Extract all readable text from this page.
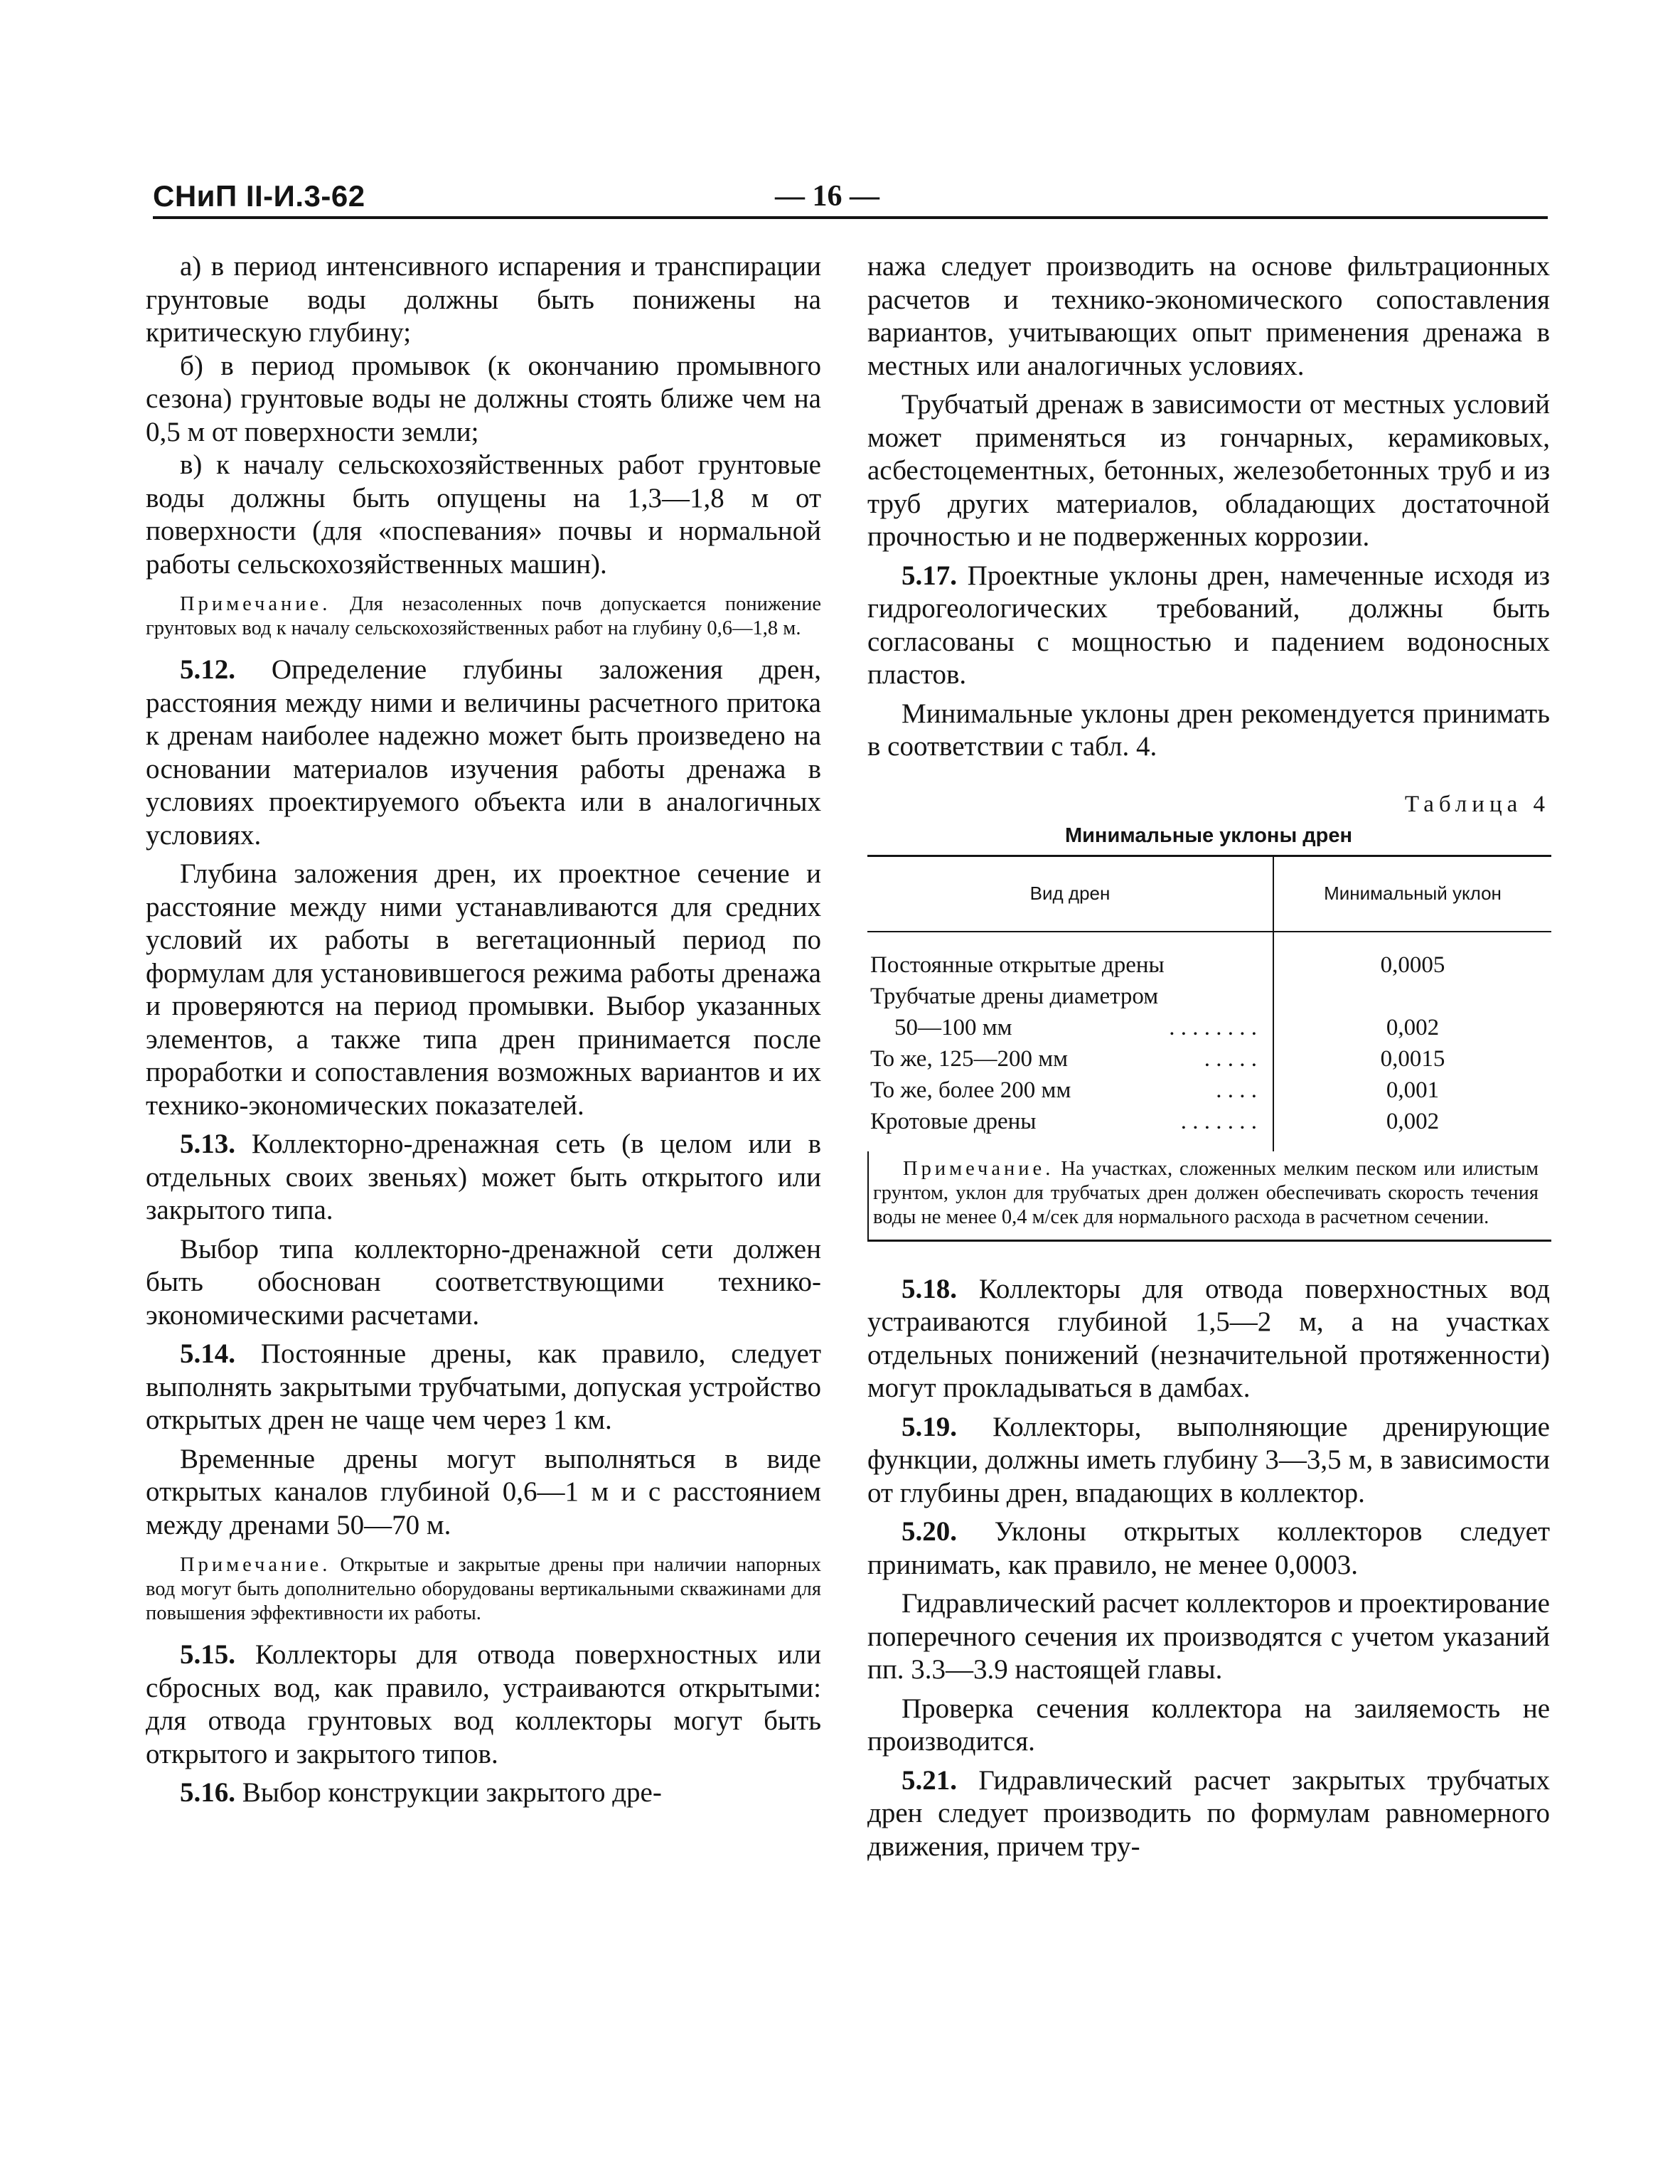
СНиП II-И.3-62	— 16 —

а) в период интенсивного испарения и транспирации грунтовые воды должны быть понижены на критическую глубину;

б) в период промывок (к окончанию промывного сезона) грунтовые воды не должны стоять ближе чем на 0,5 м от поверхности земли;

в) к началу сельскохозяйственных работ грунтовые воды должны быть опущены на 1,3—1,8 м от поверхности (для «поспевания» почвы и нормальной работы сельскохозяйственных машин).

Примечание. Для незасоленных почв допускается понижение грунтовых вод к началу сельскохозяйственных работ на глубину 0,6—1,8 м.

5.12. Определение глубины заложения дрен, расстояния между ними и величины расчетного притока к дренам наиболее надежно может быть произведено на основании материалов изучения работы дренажа в условиях проектируемого объекта или в аналогичных условиях.

Глубина заложения дрен, их проектное сечение и расстояние между ними устанавливаются для средних условий их работы в вегетационный период по формулам для установившегося режима работы дренажа и проверяются на период промывки. Выбор указанных элементов, а также типа дрен принимается после проработки и сопоставления возможных вариантов и их технико-экономических показателей.

5.13. Коллекторно-дренажная сеть (в целом или в отдельных своих звеньях) может быть открытого или закрытого типа.

Выбор типа коллекторно-дренажной сети должен быть обоснован соответствующими технико-экономическими расчетами.

5.14. Постоянные дрены, как правило, следует выполнять закрытыми трубчатыми, допуская устройство открытых дрен не чаще чем через 1 км.

Временные дрены могут выполняться в виде открытых каналов глубиной 0,6—1 м и с расстоянием между дренами 50—70 м.

Примечание. Открытые и закрытые дрены при наличии напорных вод могут быть дополнительно оборудованы вертикальными скважинами для повышения эффективности их работы.

5.15. Коллекторы для отвода поверхностных или сбросных вод, как правило, устраиваются открытыми: для отвода грунтовых вод коллекторы могут быть открытого и закрытого типов.

5.16. Выбор конструкции закрытого дре-

нажа следует производить на основе фильтрационных расчетов и технико-экономического сопоставления вариантов, учитывающих опыт применения дренажа в местных или аналогичных условиях.

Трубчатый дренаж в зависимости от местных условий может применяться из гончарных, керамиковых, асбестоцементных, бетонных, железобетонных труб и из труб других материалов, обладающих достаточной прочностью и не подверженных коррозии.

5.17. Проектные уклоны дрен, намеченные исходя из гидрогеологических требований, должны быть согласованы с мощностью и падением водоносных пластов.

Минимальные уклоны дрен рекомендуется принимать в соответствии с табл. 4.

Таблица 4
Минимальные уклоны дрен
Вид дрен	Минимальный уклон

Постоянные открытые дрены	0,0005

Трубчатые дрены диаметром	

50—100 мм . . . . . . . .	0,002

То же, 125—200 мм . . . . .	0,0015

То же, более 200 мм . . . .	0,001

Кротовые дрены . . . . . . .	0,002
Примечание. На участках, сложенных мелким песком или илистым грунтом, уклон для трубчатых дрен должен обеспечивать скорость течения воды не менее 0,4 м/сек для нормального расхода в расчетном сечении.

5.18. Коллекторы для отвода поверхностных вод устраиваются глубиной 1,5—2 м, а на участках отдельных понижений (незначительной протяженности) могут прокладываться в дамбах.

5.19. Коллекторы, выполняющие дренирующие функции, должны иметь глубину 3—3,5 м, в зависимости от глубины дрен, впадающих в коллектор.

5.20. Уклоны открытых коллекторов следует принимать, как правило, не менее 0,0003.

Гидравлический расчет коллекторов и проектирование поперечного сечения их производятся с учетом указаний пп. 3.3—3.9 настоящей главы.

Проверка сечения коллектора на заиляемость не производится.

5.21. Гидравлический расчет закрытых трубчатых дрен следует производить по формулам равномерного движения, причем тру-
